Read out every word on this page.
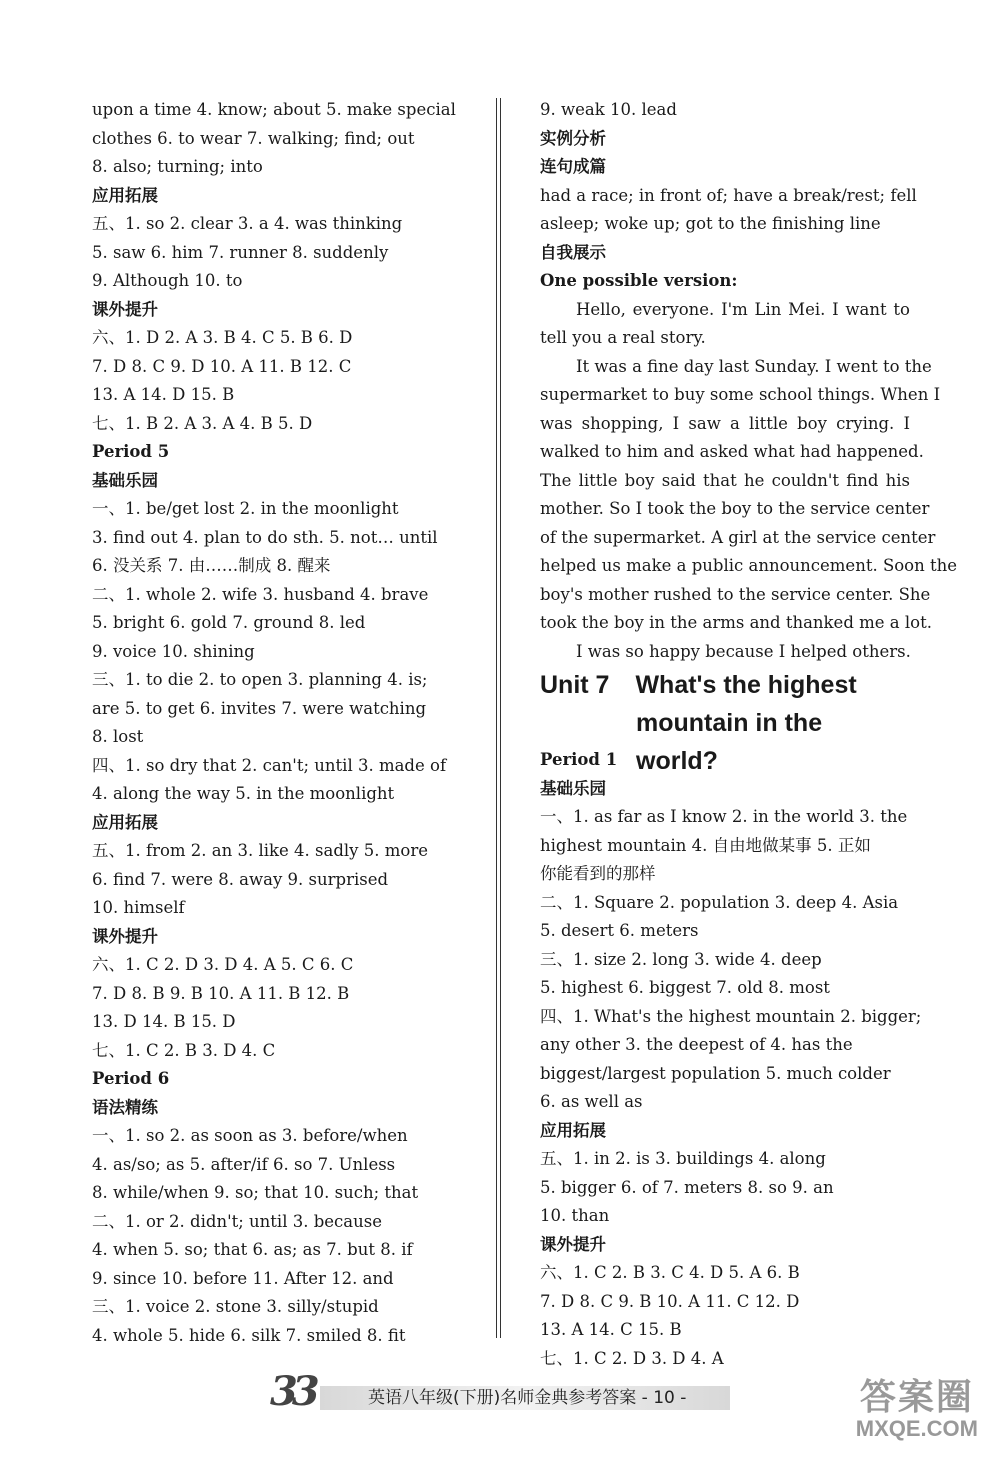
upon a time 4. know; about 5. make special
clothes 6. to wear 7. walking; find; out
8. also; turning; into
应用拓展
五、1. so 2. clear 3. a 4. was thinking
5. saw 6. him 7. runner 8. suddenly
9. Although 10. to
课外提升
六、1. D 2. A 3. B 4. C 5. B 6. D
7. D 8. C 9. D 10. A 11. B 12. C
13. A 14. D 15. B
七、1. B 2. A 3. A 4. B 5. D
Period 5
基础乐园
一、1. be/get lost 2. in the moonlight
3. find out 4. plan to do sth. 5. not… until
6. 没关系 7. 由……制成 8. 醒来
二、1. whole 2. wife 3. husband 4. brave
5. bright 6. gold 7. ground 8. led
9. voice 10. shining
三、1. to die 2. to open 3. planning 4. is;
are 5. to get 6. invites 7. were watching
8. lost
四、1. so dry that 2. can't; until 3. made of
4. along the way 5. in the moonlight
应用拓展
五、1. from 2. an 3. like 4. sadly 5. more
6. find 7. were 8. away 9. surprised
10. himself
课外提升
六、1. C 2. D 3. D 4. A 5. C 6. C
7. D 8. B 9. B 10. A 11. B 12. B
13. D 14. B 15. D
七、1. C 2. B 3. D 4. C
Period 6
语法精练
一、1. so 2. as soon as 3. before/when
4. as/so; as 5. after/if 6. so 7. Unless
8. while/when 9. so; that 10. such; that
二、1. or 2. didn't; until 3. because
4. when 5. so; that 6. as; as 7. but 8. if
9. since 10. before 11. After 12. and
三、1. voice 2. stone 3. silly/stupid
4. whole 5. hide 6. silk 7. smiled 8. fit
9. weak 10. lead
实例分析
连句成篇
had a race; in front of; have a break/rest; fell
asleep; woke up; got to the finishing line
自我展示
One possible version:
Hello, everyone. I'm Lin Mei. I want to
tell you a real story.
It was a fine day last Sunday. I went to the
supermarket to buy some school things. When I
was shopping, I saw a little boy crying. I
walked to him and asked what had happened.
The little boy said that he couldn't find his
mother. So I took the boy to the service center
of the supermarket. A girl at the service center
helped us make a public announcement. Soon the
boy's mother rushed to the service center. She
took the boy in the arms and thanked me a lot.
I was so happy because I helped others.
Unit 7 What's the highest
mountain in the world?
Period 1
基础乐园
一、1. as far as I know 2. in the world 3. the
highest mountain 4. 自由地做某事 5. 正如
你能看到的那样
二、1. Square 2. population 3. deep 4. Asia
5. desert 6. meters
三、1. size 2. long 3. wide 4. deep
5. highest 6. biggest 7. old 8. most
四、1. What's the highest mountain 2. bigger;
any other 3. the deepest of 4. has the
biggest/largest population 5. much colder
6. as well as
应用拓展
五、1. in 2. is 3. buildings 4. along
5. bigger 6. of 7. meters 8. so 9. an
10. than
课外提升
六、1. C 2. B 3. C 4. D 5. A 6. B
7. D 8. C 9. B 10. A 11. C 12. D
13. A 14. C 15. B
七、1. C 2. D 3. D 4. A
33	英语八年级(下册)名师金典参考答案 - 10 -	答案圈
MXQE.COM
